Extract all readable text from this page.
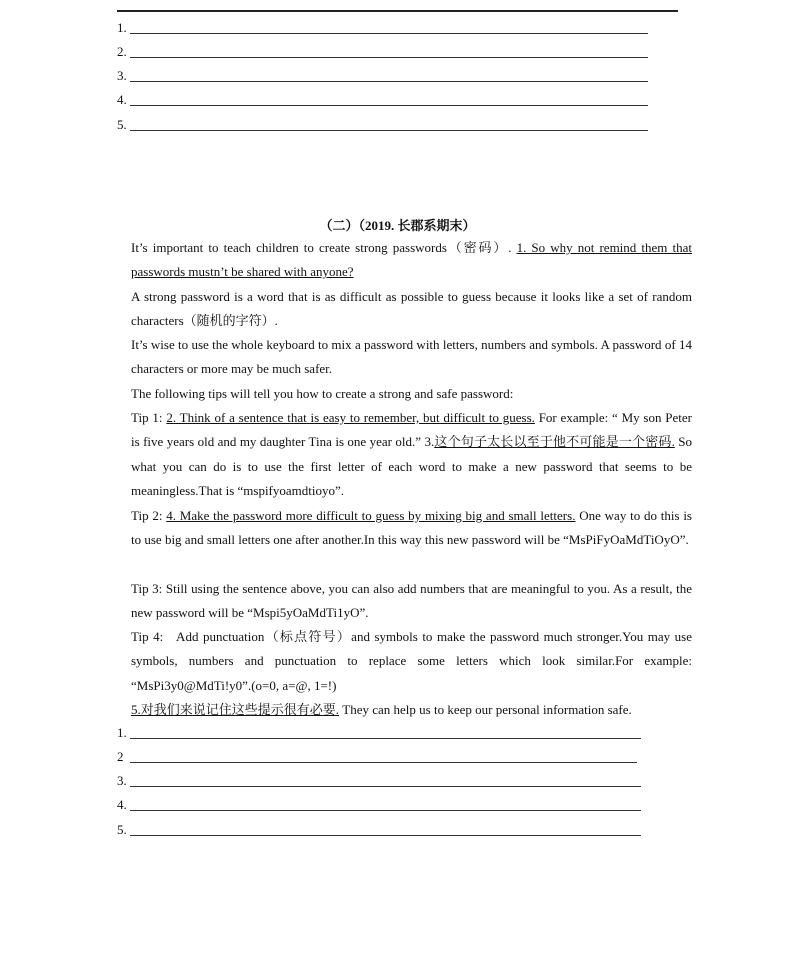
1.
2.
3.
4.
5.
（二）（2019. 长郡系期末）

It’s important to teach children to create strong passwords（密码）. 1. So why not remind them that passwords mustn’t be shared with anyone?

A strong password is a word that is as difficult as possible to guess because it looks like a set of random characters（随机的字符）.

It’s wise to use the whole keyboard to mix a password with letters, numbers and symbols. A password of 14 characters or more may be much safer.

The following tips will tell you how to create a strong and safe password:

Tip 1: 2. Think of a sentence that is easy to remember, but difficult to guess. For example: “ My son Peter is five years old and my daughter Tina is one year old.” 3.这个句子太长以至于他不可能是一个密码. So what you can do is to use the first letter of each word to make a new password that seems to be meaningless.That is “mspifyoamdtioyo”.

Tip 2: 4. Make the password more difficult to guess by mixing big and small letters. One way to do this is to use big and small letters one after another.In this way this new password will be “MsPiFyOaMdTiOyO”.

Tip 3: Still using the sentence above, you can also add numbers that are meaningful to you. As a result, the new password will be “Mspi5yOaMdTi1yO”.

Tip 4:   Add punctuation（标点符号）and symbols to make the password much stronger.You may use symbols, numbers and punctuation to replace some letters which look similar.For example: “MsPi3y0@MdTi!y0”.(o=0, a=@, 1=!)

5.对我们来说记住这些提示很有必要. They can help us to keep our personal information safe.

1.
2
3.
4.
5.
